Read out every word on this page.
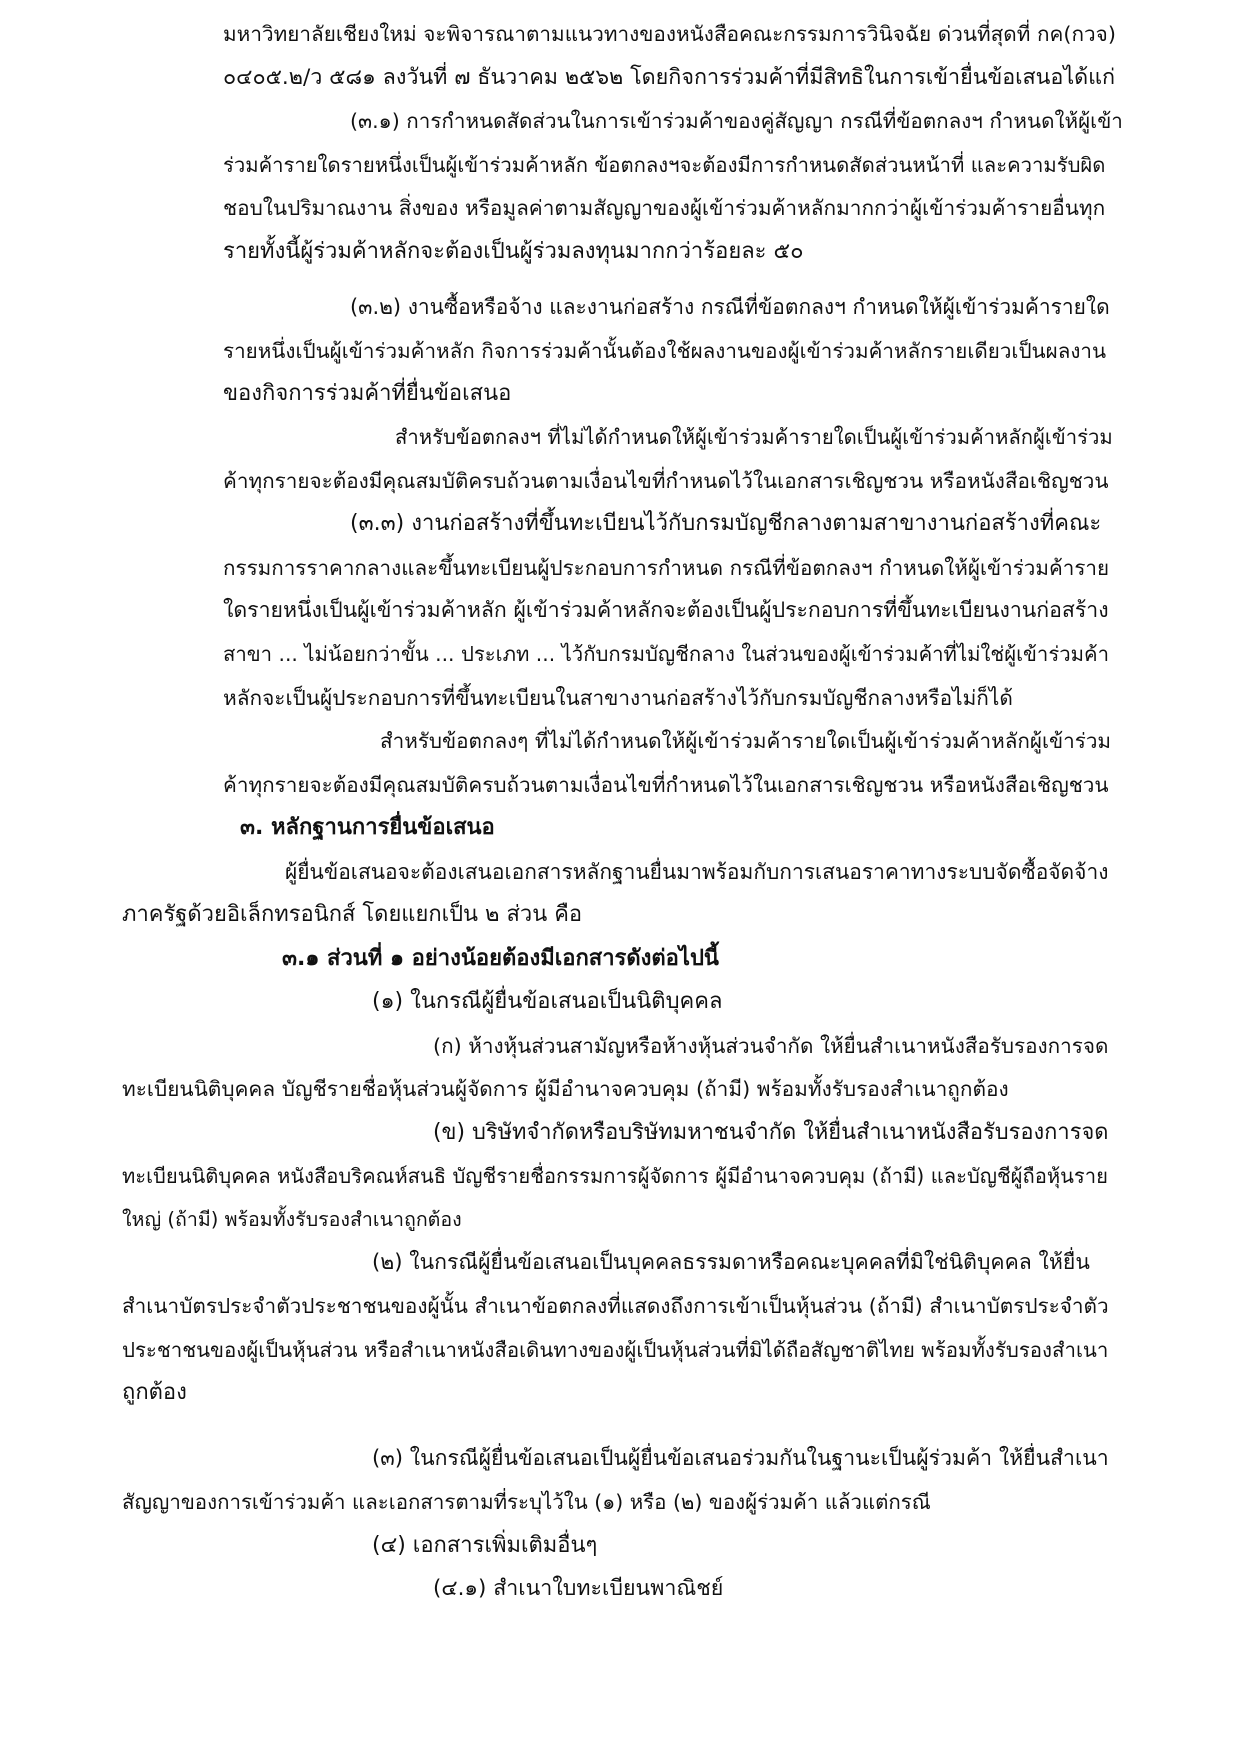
มหาวิทยาลัยเชียงใหม่ จะพิจารณาตามแนวทางของหนังสือคณะกรรมการวินิจฉัย ด่วนที่สุดที่ กค(กวจ)
๐๔๐๕.๒/ว ๕๘๑ ลงวันที่ ๗ ธันวาคม ๒๕๖๒ โดยกิจการร่วมค้าที่มีสิทธิในการเข้ายื่นข้อเสนอได้แก่
(๓.๑) การกำหนดสัดส่วนในการเข้าร่วมค้าของคู่สัญญา กรณีที่ข้อตกลงฯ กำหนดให้ผู้เข้า
ร่วมค้ารายใดรายหนึ่งเป็นผู้เข้าร่วมค้าหลัก ข้อตกลงฯจะต้องมีการกำหนดสัดส่วนหน้าที่ และความรับผิด
ชอบในปริมาณงาน สิ่งของ หรือมูลค่าตามสัญญาของผู้เข้าร่วมค้าหลักมากกว่าผู้เข้าร่วมค้ารายอื่นทุก
รายทั้งนี้ผู้ร่วมค้าหลักจะต้องเป็นผู้ร่วมลงทุนมากกว่าร้อยละ ๕๐
(๓.๒) งานซื้อหรือจ้าง และงานก่อสร้าง กรณีที่ข้อตกลงฯ กำหนดให้ผู้เข้าร่วมค้ารายใด
รายหนึ่งเป็นผู้เข้าร่วมค้าหลัก กิจการร่วมค้านั้นต้องใช้ผลงานของผู้เข้าร่วมค้าหลักรายเดียวเป็นผลงาน
ของกิจการร่วมค้าที่ยื่นข้อเสนอ
สำหรับข้อตกลงฯ ที่ไม่ได้กำหนดให้ผู้เข้าร่วมค้ารายใดเป็นผู้เข้าร่วมค้าหลักผู้เข้าร่วม
ค้าทุกรายจะต้องมีคุณสมบัติครบถ้วนตามเงื่อนไขที่กำหนดไว้ในเอกสารเชิญชวน หรือหนังสือเชิญชวน
(๓.๓) งานก่อสร้างที่ขึ้นทะเบียนไว้กับกรมบัญชีกลางตามสาขางานก่อสร้างที่คณะ
กรรมการราคากลางและขึ้นทะเบียนผู้ประกอบการกำหนด กรณีที่ข้อตกลงฯ กำหนดให้ผู้เข้าร่วมค้าราย
ใดรายหนึ่งเป็นผู้เข้าร่วมค้าหลัก ผู้เข้าร่วมค้าหลักจะต้องเป็นผู้ประกอบการที่ขึ้นทะเบียนงานก่อสร้าง
สาขา ... ไม่น้อยกว่าขั้น ... ประเภท ... ไว้กับกรมบัญชีกลาง ในส่วนของผู้เข้าร่วมค้าที่ไม่ใช่ผู้เข้าร่วมค้า
หลักจะเป็นผู้ประกอบการที่ขึ้นทะเบียนในสาขางานก่อสร้างไว้กับกรมบัญชีกลางหรือไม่ก็ได้
สำหรับข้อตกลงๆ ที่ไม่ได้กำหนดให้ผู้เข้าร่วมค้ารายใดเป็นผู้เข้าร่วมค้าหลักผู้เข้าร่วม
ค้าทุกรายจะต้องมีคุณสมบัติครบถ้วนตามเงื่อนไขที่กำหนดไว้ในเอกสารเชิญชวน หรือหนังสือเชิญชวน
๓. หลักฐานการยื่นข้อเสนอ
ผู้ยื่นข้อเสนอจะต้องเสนอเอกสารหลักฐานยื่นมาพร้อมกับการเสนอราคาทางระบบจัดซื้อจัดจ้าง
ภาครัฐด้วยอิเล็กทรอนิกส์ โดยแยกเป็น ๒ ส่วน คือ
๓.๑ ส่วนที่ ๑ อย่างน้อยต้องมีเอกสารดังต่อไปนี้
(๑) ในกรณีผู้ยื่นข้อเสนอเป็นนิติบุคคล
(ก) ห้างหุ้นส่วนสามัญหรือห้างหุ้นส่วนจำกัด ให้ยื่นสำเนาหนังสือรับรองการจด
ทะเบียนนิติบุคคล บัญชีรายชื่อหุ้นส่วนผู้จัดการ ผู้มีอำนาจควบคุม (ถ้ามี) พร้อมทั้งรับรองสำเนาถูกต้อง
(ข) บริษัทจำกัดหรือบริษัทมหาชนจำกัด ให้ยื่นสำเนาหนังสือรับรองการจด
ทะเบียนนิติบุคคล หนังสือบริคณห์สนธิ บัญชีรายชื่อกรรมการผู้จัดการ ผู้มีอำนาจควบคุม (ถ้ามี) และบัญชีผู้ถือหุ้นราย
ใหญ่ (ถ้ามี) พร้อมทั้งรับรองสำเนาถูกต้อง
(๒) ในกรณีผู้ยื่นข้อเสนอเป็นบุคคลธรรมดาหรือคณะบุคคลที่มิใช่นิติบุคคล ให้ยื่น
สำเนาบัตรประจำตัวประชาชนของผู้นั้น สำเนาข้อตกลงที่แสดงถึงการเข้าเป็นหุ้นส่วน (ถ้ามี) สำเนาบัตรประจำตัว
ประชาชนของผู้เป็นหุ้นส่วน หรือสำเนาหนังสือเดินทางของผู้เป็นหุ้นส่วนที่มิได้ถือสัญชาติไทย พร้อมทั้งรับรองสำเนา
ถูกต้อง
(๓) ในกรณีผู้ยื่นข้อเสนอเป็นผู้ยื่นข้อเสนอร่วมกันในฐานะเป็นผู้ร่วมค้า ให้ยื่นสำเนา
สัญญาของการเข้าร่วมค้า และเอกสารตามที่ระบุไว้ใน (๑) หรือ (๒) ของผู้ร่วมค้า แล้วแต่กรณี
(๔) เอกสารเพิ่มเติมอื่นๆ
(๔.๑) สำเนาใบทะเบียนพาณิชย์
